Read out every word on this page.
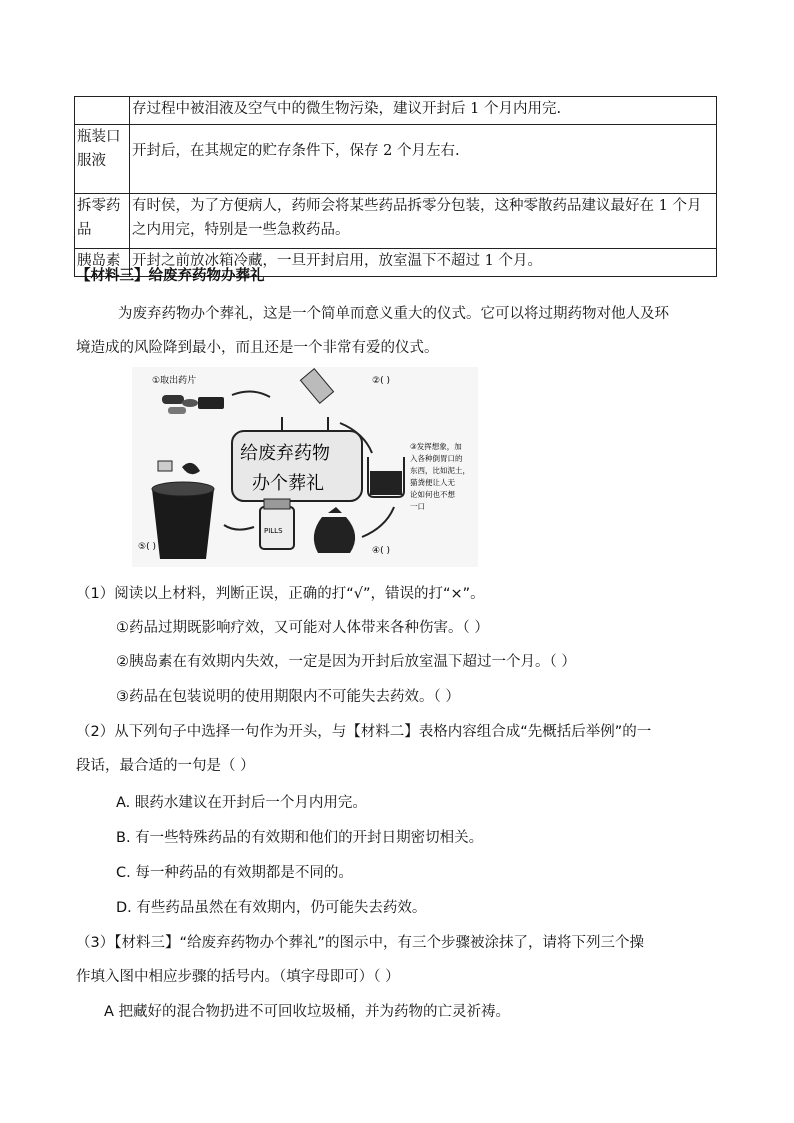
	存过程中被泪液及空气中的微生物污染，建议开封后 1 个月内用完.
瓶装口服液	开封后，在其规定的贮存条件下，保存 2 个月左右.
拆零药品	有时侯，为了方便病人，药师会将某些药品拆零分包装，这种零散药品建议最好在 1 个月之内用完，特别是一些急救药品。
胰岛素	开封之前放冰箱冷藏，一旦开封启用，放室温下不超过 1 个月。
【材料三】给废弃药物办葬礼
为废弃药物办个葬礼，这是一个简单而意义重大的仪式。它可以将过期药物对他人及环
境造成的风险降到最小，而且还是一个非常有爱的仪式。
①取出药片	②( )
给废弃药物
办个葬礼
③发挥想象，加
入各种倒胃口的
东西，比如泥土，
猫粪便让人无
论如何也不想
一口
④( )
PILLS
⑤( )
（1）阅读以上材料，判断正误，正确的打“√”，错误的打“×”。
①药品过期既影响疗效，又可能对人体带来各种伤害。（ ）
②胰岛素在有效期内失效，一定是因为开封后放室温下超过一个月。（ ）
③药品在包装说明的使用期限内不可能失去药效。（ ）
（2）从下列句子中选择一句作为开头，与【材料二】表格内容组合成“先概括后举例”的一
段话，最合适的一句是（ ）
A. 眼药水建议在开封后一个月内用完。
B. 有一些特殊药品的有效期和他们的开封日期密切相关。
C. 每一种药品的有效期都是不同的。
D. 有些药品虽然在有效期内，仍可能失去药效。
（3）【材料三】“给废弃药物办个葬礼”的图示中，有三个步骤被涂抹了，请将下列三个操
作填入图中相应步骤的括号内。（填字母即可）（ ）
A 把藏好的混合物扔进不可回收垃圾桶，并为药物的亡灵祈祷。
